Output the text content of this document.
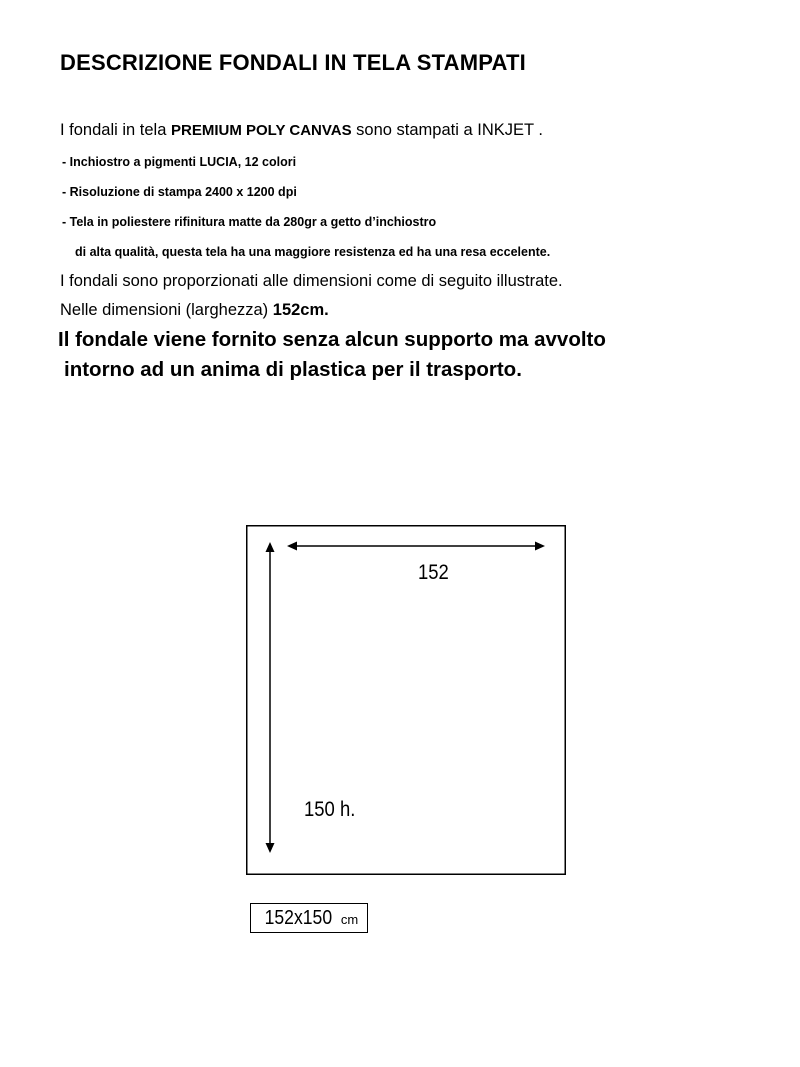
DESCRIZIONE FONDALI IN TELA STAMPATI
I fondali in tela PREMIUM POLY CANVAS sono stampati a INKJET .
- Inchiostro a pigmenti LUCIA, 12 colori
- Risoluzione di stampa 2400 x 1200 dpi
- Tela in poliestere rifinitura matte da 280gr a getto d’inchiostro
di alta qualità, questa tela ha una maggiore resistenza ed ha una resa eccelente.
I fondali sono proporzionati alle dimensioni come di seguito illustrate.
Nelle dimensioni (larghezza) 152cm.
Il fondale viene fornito senza alcun supporto ma avvolto
intorno ad un anima di plastica per il trasporto.
152
150 h.
152x150 cm
